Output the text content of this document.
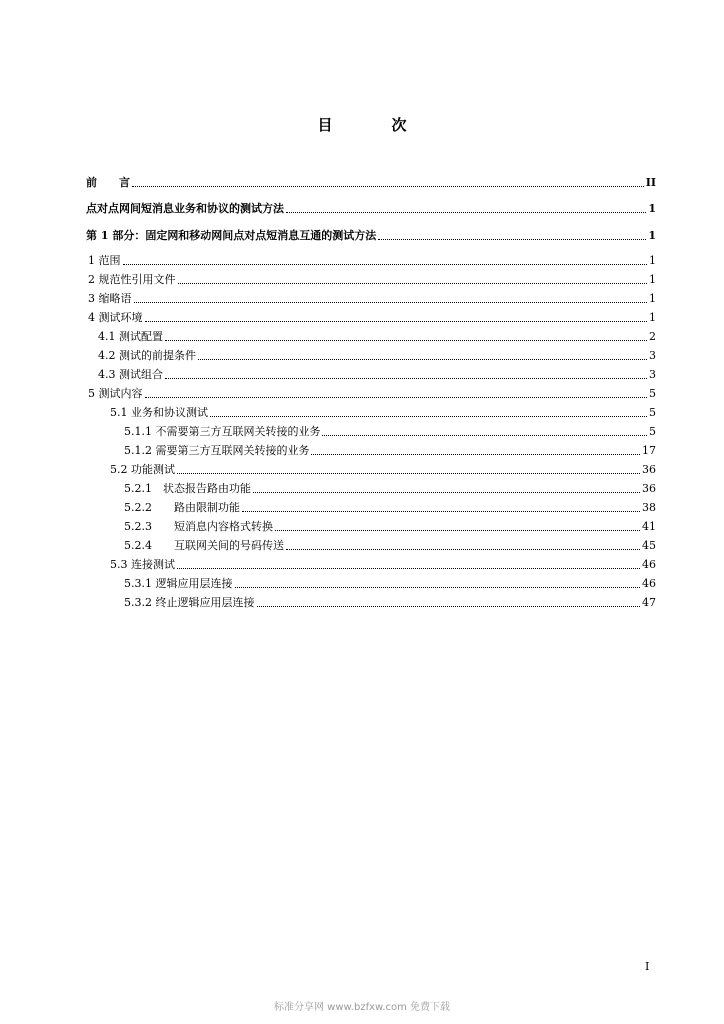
目　次
前　　言	II
点对点网间短消息业务和协议的测试方法	1
第 1 部分：固定网和移动网间点对点短消息互通的测试方法	1
1 范围	1
2 规范性引用文件	1
3 缩略语	1
4 测试环境	1
4.1 测试配置	2
4.2 测试的前提条件	3
4.3 测试组合	3
5 测试内容	5
5.1 业务和协议测试	5
5.1.1 不需要第三方互联网关转接的业务	5
5.1.2 需要第三方互联网关转接的业务	17
5.2 功能测试	36
5.2.1　状态报告路由功能	36
5.2.2　　路由限制功能	38
5.2.3　　短消息内容格式转换	41
5.2.4　　互联网关间的号码传送	45
5.3 连接测试	46
5.3.1 逻辑应用层连接	46
5.3.2 终止逻辑应用层连接	47
I
标准分享网 www.bzfxw.com 免费下载
